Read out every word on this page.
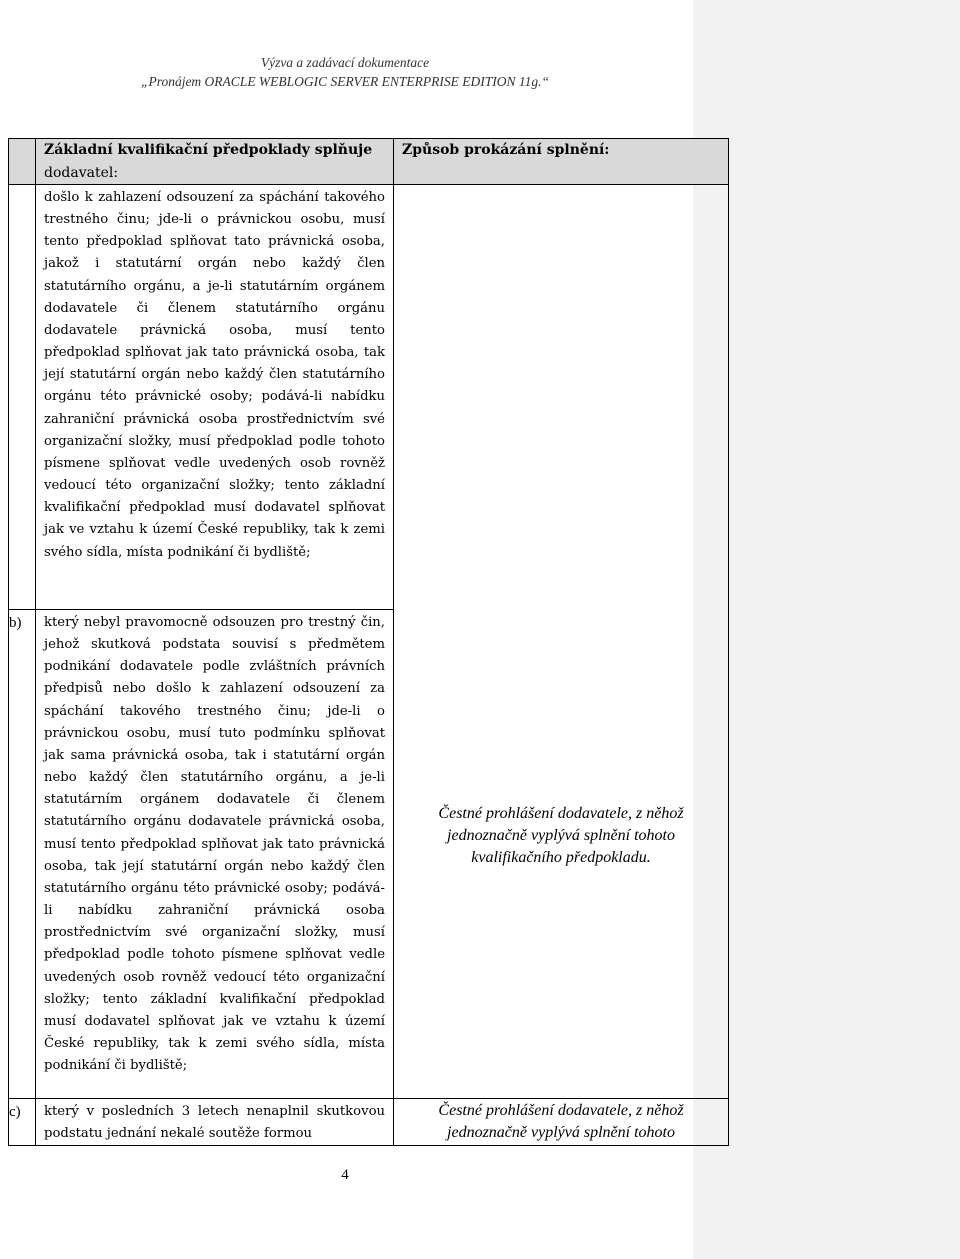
Výzva a zadávací dokumentace
„Pronájem ORACLE WEBLOGIC SERVER ENTERPRISE EDITION 11g.“

	Základní kvalifikační předpoklady splňuje
dodavatel:	Způsob prokázání splnění:

	došlo k zahlazení odsouzení za spáchání takového trestného činu; jde-li o právnickou osobu, musí tento předpoklad splňovat tato právnická osoba, jakož i statutární orgán nebo každý člen statutárního orgánu, a je-li statutárním orgánem dodavatele či členem statutárního orgánu dodavatele právnická osoba, musí tento předpoklad splňovat jak tato právnická osoba, tak její statutární orgán nebo každý člen statutárního orgánu této právnické osoby; podává-li nabídku zahraniční právnická osoba prostřednictvím své organizační složky, musí předpoklad podle tohoto písmene splňovat vedle uvedených osob rovněž vedoucí této organizační složky; tento základní kvalifikační předpoklad musí dodavatel splňovat jak ve vztahu k území České republiky, tak k zemi svého sídla, místa podnikání či bydliště;	Čestné prohlášení dodavatele, z něhož jednoznačně vyplývá splnění tohoto kvalifikačního předpokladu.

b)	který nebyl pravomocně odsouzen pro trestný čin, jehož skutková podstata souvisí s předmětem podnikání dodavatele podle zvláštních právních předpisů nebo došlo k zahlazení odsouzení za spáchání takového trestného činu; jde-li o právnickou osobu, musí tuto podmínku splňovat jak sama právnická osoba, tak i statutární orgán nebo každý člen statutárního orgánu, a je-li statutárním orgánem dodavatele či členem statutárního orgánu dodavatele právnická osoba, musí tento předpoklad splňovat jak tato právnická osoba, tak její statutární orgán nebo každý člen statutárního orgánu této právnické osoby; podává-li nabídku zahraniční právnická osoba prostřednictvím své organizační složky, musí předpoklad podle tohoto písmene splňovat vedle uvedených osob rovněž vedoucí této organizační složky; tento základní kvalifikační předpoklad musí dodavatel splňovat jak ve vztahu k území České republiky, tak k zemi svého sídla, místa podnikání či bydliště;	

c)	který v posledních 3 letech nenaplnil skutkovou podstatu jednání nekalé soutěže formou	Čestné prohlášení dodavatele, z něhož jednoznačně vyplývá splnění tohoto

4
